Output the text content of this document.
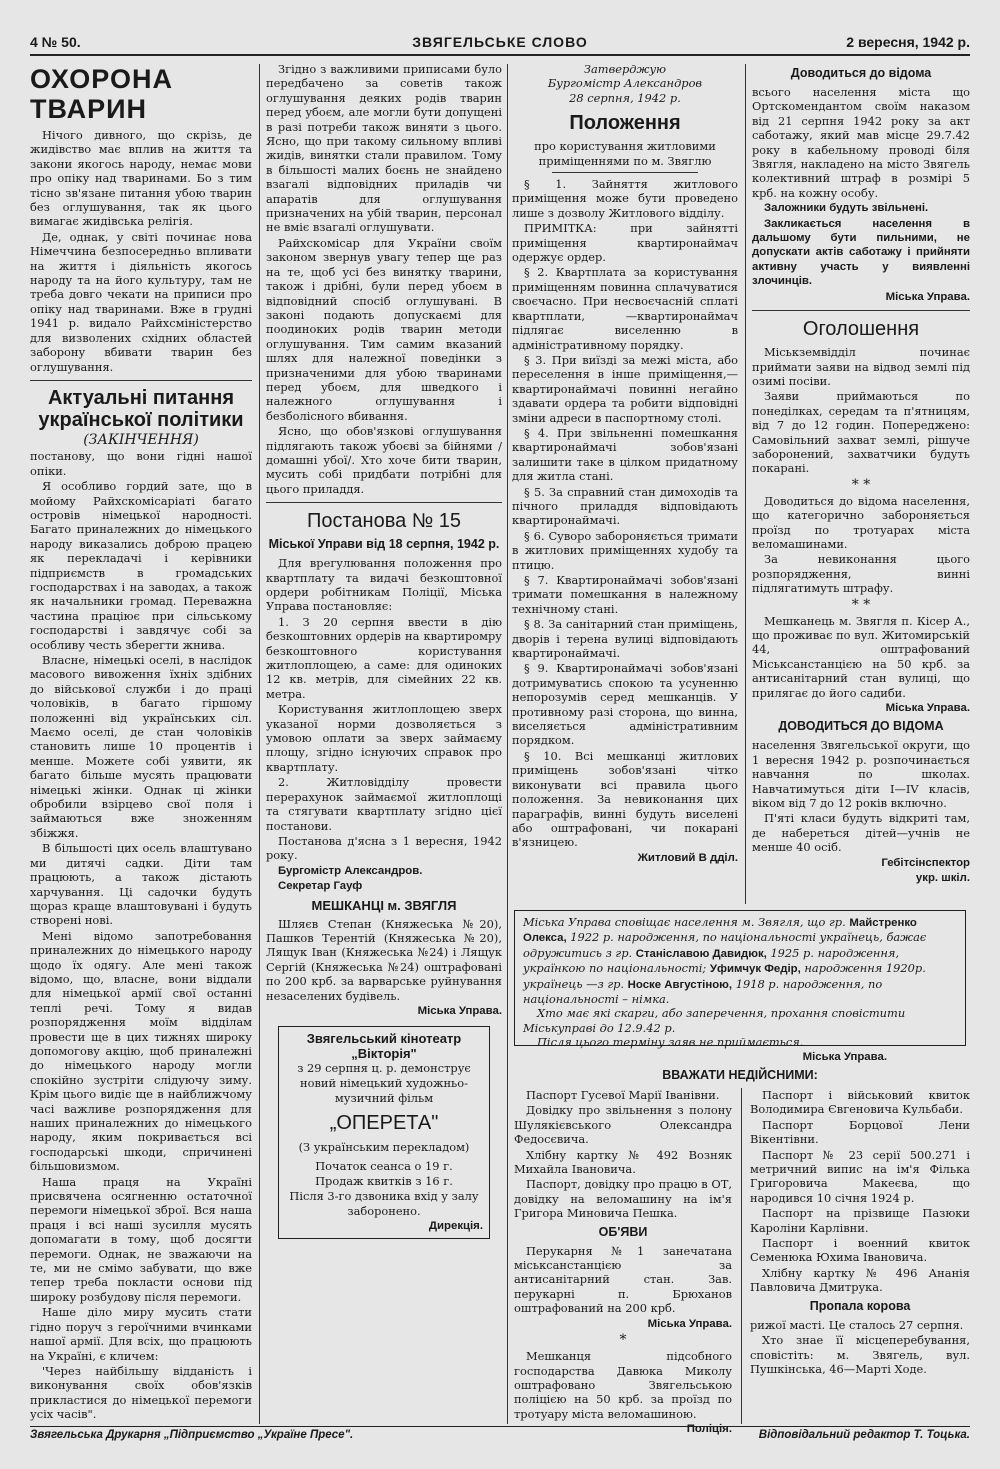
4 № 50.	ЗВЯГЕЛЬСЬКЕ СЛОВО	2 вересня, 1942 р.
ОХОРОНА ТВАРИН

Нічого дивного, що скрізь, де жидівство має вплив на життя та закони якогось народу, немає мови про опіку над тваринами. Бо з тим тісно зв'язане питання убою тварин без оглушування, так як цього вимагає жидівська релігія.

Де, однак, у світі починає нова Німеччина безпосередньо впливати на життя і діяльність якогось народу та на його культуру, там не треба довго чекати на приписи про опіку над тваринами. Вже в грудні 1941 р. видало Райхсміністерство для визволених східних областей заборону вбивати тварин без оглушування.

Актуальні питання української політики
(ЗАКІНЧЕННЯ)

постанову, що вони гідні нашої опіки.

Я особливо гордий зате, що в мойому Райхскомісаріаті багато островів німецької народності. Багато приналежних до німецького народу виказались доброю працею як перекладачі і керівники підприємств в громадських господарствах і на заводах, а також як начальники громад. Переважна частина праціює при сільському господарстві і завдячує собі за особливу честь зберегти жнива.

Власне, німецькі оселі, в наслідок масового вивоження їхніх здібних до військової служби і до праці чоловіків, в багато гіршому положенні від українських сіл. Маємо оселі, де стан чоловіків становить лише 10 процентів і менше. Можете собі уявити, як багато більше мусять працювати німецькі жінки. Однак ці жінки обробили взірцево свої поля і займаються вже зноженням збіжжя.

В більшості цих осель влаштувано ми дитячі садки. Діти там працюють, а також дістають харчування. Ці садочки будуть щораз краще влаштовувані і будуть створені нові.

Мені відомо запотребовання приналежних до німецького народу щодо їх одягу. Але мені також відомо, що, власне, вони віддали для німецької армії свої останні теплі речі. Тому я видав розпорядження моїм відділам провести ще в цих тижнях широку допомогову акцію, щоб приналежні до німецького народу могли спокійно зустріти слідуючу зиму. Крім цього видіє ще в найближчому часі важливе розпорядження для наших приналежних до німецького народу, яким покривається всі господарські шкоди, спричинені більшовизмом.

Наша праця на Україні присвячена осягненню остаточної перемоги німецької зброї. Вся наша праця і всі наші зусилля мусять допомагати в тому, щоб досягти перемоги. Однак, не зважаючи на те, ми не смімо забувати, що вже тепер треба покласти основи під широку розбудову після перемоги.

Наше діло миру мусить стати гідно поруч з героїчними вчинками нашої армії. Для всіх, що працюють на Україні, є кличем:

'Через найбільшу відданість і виконування своїх обов'язків прикластися до німецької перемоги усіх часів".

Згідно з важливими приписами було передбачено за советів також оглушування деяких родів тварин перед убоєм, але могли бути допущені в разі потреби також виняти з цього. Ясно, що при такому сильному впливі жидів, винятки стали правилом. Тому в більшості малих боєнь не знайдено взагалі відповідних приладів чи апаратів для оглушування призначених на убій тварин, персонал не вміє взагалі оглушувати.

Райхскомісар для України своїм законом звернув увагу тепер ще раз на те, щоб усі без винятку тварини, також і дрібні, були перед убоєм в відповідний спосіб оглушувані. В законі подають допускаємі для поодиноких родів тварин методи оглушування. Тим самим вказаний шлях для належної поведінки з призначеними для убою тваринами перед убоєм, для шведкого і належного оглушування і безболісного вбивання.

Ясно, що обов'язкові оглушування підлягають також убоєві за бійнями /домашні убої/. Хто хоче бити тварин, мусить собі придбати потрібні для цього приладдя.

Постанова № 15
Міської Управи від 18 серпня, 1942 р.

Для врегулювання положення про квартплату та видачі безкоштовної ордери робітникам Поліції, Міська Управа постановляє:

1. З 20 серпня ввести в дію безкоштовних ордерів на квартиромру безкоштовного користування житлоплощею, а саме: для одиноких 12 кв. метрів, для сімейних 22 кв. метра.

Користування житлоплощею зверх указаної норми дозволяється з умовою оплати за зверх займаєму площу, згідно існуючих справок про квартплату.

2. Житловідділу провести перерахунок займаємої житлоплощі та стягувати квартплату згідно цієї постанови.

Постанова д'ясна з 1 вересня, 1942 року.

Бургомістр Александров.

Секретар Гауф

МЕШКАНЦІ м. ЗВЯГЛЯ

Шляєв Степан (Княжеська №20), Пашков Терентій (Княжеська №20), Лящук Іван (Княжеська №24) і Лящук Сергій (Княжеська №24) оштрафовані по 200 крб. за варварське руйнування незаселених будівель.

Міська Управа.

Звягельський кінотеатр „Вікторія"
з 29 серпня ц. р. демонструє новий німецький художньо-музичний фільм
„ОПЕРЕТА"
(З українським перекладом)
Початок сеанса о 19 г.
Продаж квитків з 16 г.
Після 3-го дзвоника вхід у залу заборонено.
Дирекція.
Затверджую
Бургомістр Александров
28 серпня, 1942 р.
Положення
про користування житловими приміщеннями по м. Звяглю

§ 1. Зайняття житлового приміщення може бути проведено лише з дозволу Житлового відділу.

ПРИМІТКА: при зайнятті приміщення квартиронаймач одержує ордер.

§ 2. Квартплата за користування приміщенням повинна сплачуватися своєчасно. При несвоєчасній сплаті квартплати, —квартиронаймач підлягає виселенню в адміністративному порядку.

§ 3. При виїзді за межі міста, або переселення в інше приміщення,—квартиронаймачі повинні негайно здавати ордера та робити відповідні зміни адреси в паспортному столі.

§ 4. При звільненні помешкання квартиронаймачі зобов'язані залишити таке в цілком придатному для житла стані.

§ 5. За справний стан димоходів та пічного приладдя відповідають квартиронаймачі.

§ 6. Суворо забороняється тримати в житлових приміщеннях худобу та птицю.

§ 7. Квартиронаймачі зобов'язані тримати помешкання в належному технічному стані.

§ 8. За санітарний стан приміщень, дворів і терена вулиці відповідають квартиронаймачі.

§ 9. Квартиронаймачі зобов'язані дотримуватись спокою та усуненню непорозумів серед мешканців. У противному разі сторона, що винна, виселяється адміністративним порядком.

§ 10. Всі мешканці житлових приміщень зобов'язані чітко виконувати всі правила цього положення. За невиконання цих параграфів, винні будуть виселені або оштрафовані, чи покарані в'язницею.

Житловий В дділ.

Доводиться до відома

всього населення міста що Ортскомендантом своїм наказом від 21 серпня 1942 року за акт саботажу, який мав місце 29.7.42 року в кабельному проводі біля Звягля, накладено на місто Звягель колективний штраф в розмірі 5 крб. на кожну особу.

Заложники будуть звільнені.

Закликається населення в дальшому бути пильними, не допускати актів саботажу і прийняти активну участь у виявленні злочинців.

Міська Управа.

Оголошення

Міськземвідділ починає приймати заяви на відвод землі під озимі посіви.

Заяви приймаються по понеділках, середам та п'ятницям, від 7 до 12 годин. Попереджено: Самовільний захват землі, рішуче заборонений, захватчики будуть покарані.

* *

Доводиться до відома населення, що категорично забороняється проїзд по тротуарах міста веломашинами.

За невиконання цього розпорядження, винні підлягатимуть штрафу.

* *

Мешканець м. Звягля п. Кісер А., що проживає по вул. Житомирській 44, оштрафований Міськсанстанцією на 50 крб. за антисанітарний стан вулиці, що прилягає до його садиби.

Міська Управа.

ДОВОДИТЬСЯ ДО ВІДОМА

населення Звягельської округи, що 1 вересня 1942 р. розпочинається навчання по школах. Навчатимуться діти I—IV класів, віком від 7 до 12 років включно.

П'яті класи будуть відкриті там, де набереться дітей—учнів не менше 40 осіб.

Гебітсінспектор

укр. шкіл.

Міська Управа сповіщає населення м. Звягля, що гр. Майстренко Олекса, 1922 р. народження, по національності українець, бажає одружитись з гр. Станіславою Давидюк, 1925 р. народження, українкою по національності; Уфимчук Федір, народження 1920р. українець —з гр. Носке Августіною, 1918 р. народження, по національності – німка.
Хто має які скарги, або заперечення, прохання сповістити Міськуправі до 12.9.42 р.
Після цього терміну заяв не приймається.
Міська Управа.
ВВАЖАТИ НЕДІЙСНИМИ:

Паспорт Гусевої Марії Іванівни.

Довідку про звільнення з полону Шулякієвського Олександра Федосєвича.

Хлібну картку № 492 Возняк Михайла Івановича.

Паспорт, довідку про працю в ОТ, довідку на веломашину на ім'я Григора Миновича Пешка.

ОБ'ЯВИ

Перукарня №1 занечатана міськсанстанцією за антисанітарний стан. Зав. перукарні п. Брюханов оштрафований на 200 крб.

Міська Управа.

*

Мешканця підсобного господарства Давюка Миколу оштрафовано Звягельською поліцією на 50 крб. за проїзд по тротуару міста веломашиною.

Поліція.

Паспорт і військовий квиток Володимира Євгеновича Кульбаби.

Паспорт Борцової Лени Вікентівни.

Паспорт № 23 серії 500.271 і метричний випис на ім'я Філька Григоровича Макеєва, що народився 10 січня 1924 р.

Паспорт на прізвище Пазюки Кароліни Карлівни.

Паспорт і военний квиток Семенюка Юхима Івановича.

Хлібну картку № 496 Ананія Павловича Дмитрука.

Пропала корова

рижої масті. Це сталось 27 серпня.

Хто знае її місцеперебування, сповістіть: м. Звягель, вул. Пушкінська, 46—Марті Ходе.

Звягельська Друкарня „Підприємство „Україне Пресе".	Відповідальний редактор Т. Тоцька.
